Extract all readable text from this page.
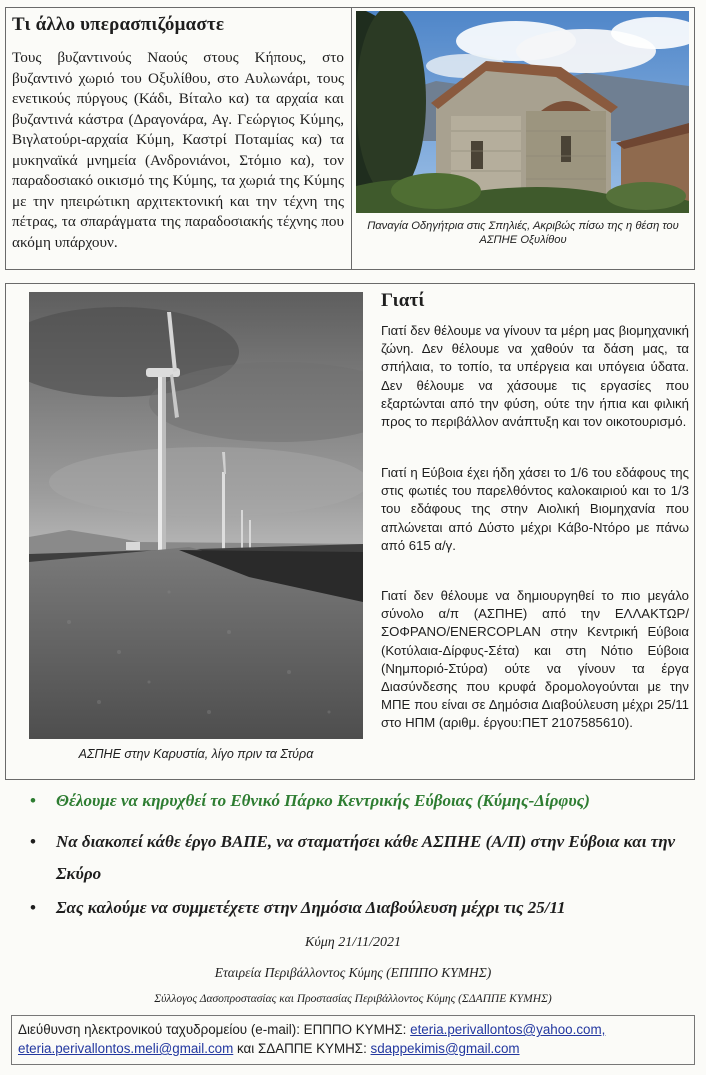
Τι άλλο υπερασπιζόμαστε
Τους βυζαντινούς Ναούς στους Κήπους, στο βυζαντινό χωριό του Οξυλίθου, στο Αυλωνάρι, τους ενετικούς πύργους (Κάδι, Βίταλο κα) τα αρχαία και βυζαντινά κάστρα (Δραγονάρα, Αγ. Γεώργιος Κύμης, Βιγλατούρι-αρχαία Κύμη, Καστρί Ποταμίας κα) τα μυκηναϊκά μνημεία (Ανδρονιάνοι, Στόμιο κα), τον παραδοσιακό οικισμό της Κύμης, τα χωριά της Κύμης με την ηπειρώτικη αρχιτεκτονική και την τέχνη της πέτρας, τα σπαράγματα της παραδοσιακής τέχνης που ακόμη υπάρχουν.
Παναγία Οδηγήτρια στις Σπηλιές, Ακριβώς πίσω της η θέση του ΑΣΠΗΕ Οξυλίθου
ΑΣΠΗΕ στην Καρυστία, λίγο πριν τα Στύρα
Γιατί
Γιατί δεν θέλουμε να γίνουν τα μέρη μας βιομηχανική ζώνη. Δεν θέλουμε να χαθούν τα δάση μας, τα σπήλαια, το τοπίο, τα υπέργεια και υπόγεια ύδατα. Δεν θέλουμε να χάσουμε τις εργασίες που εξαρτώνται από την φύση, ούτε την ήπια και φιλική προς το περιβάλλον ανάπτυξη και τον οικοτουρισμό.
Γιατί η Εύβοια έχει ήδη χάσει το 1/6 του εδάφους της στις φωτιές του παρελθόντος καλοκαιριού και το 1/3 του εδάφους της στην Αιολική Βιομηχανία που απλώνεται από Δύστο μέχρι Κάβο-Ντόρο με πάνω από 615 α/γ.
Γιατί δεν θέλουμε να δημιουργηθεί το πιο μεγάλο σύνολο α/π (ΑΣΠΗΕ) από την ΕΛΛΑΚΤΩΡ/ΣΟΦΡΑΝΟ/ENERCOPLAN στην Κεντρική Εύβοια (Κοτύλαια-Δίρφυς-Σέτα) και στη Νότιο Εύβοια (Νημποριό-Στύρα) ούτε να γίνουν τα έργα Διασύνδεσης που κρυφά δρομολογούνται με την ΜΠΕ που είναι σε Δημόσια Διαβούλευση μέχρι 25/11 στο ΗΠΜ (αριθμ. έργου:ΠΕΤ 2107585610).
• Θέλουμε να κηρυχθεί το Εθνικό Πάρκο Κεντρικής Εύβοιας (Κύμης-Δίρφυς)
• Να διακοπεί κάθε έργο ΒΑΠΕ, να σταματήσει κάθε ΑΣΠΗΕ (Α/Π) στην Εύβοια και την Σκύρο
• Σας καλούμε να συμμετέχετε στην Δημόσια Διαβούλευση μέχρι τις 25/11
Κύμη 21/11/2021
Εταιρεία Περιβάλλοντος Κύμης (ΕΠΠΠΟ ΚΥΜΗΣ)
Σύλλογος Δασοπροστασίας και Προστασίας Περιβάλλοντος Κύμης (ΣΔΑΠΠΕ ΚΥΜΗΣ)
Διεύθυνση ηλεκτρονικού ταχυδρομείου (e-mail): ΕΠΠΠΟ ΚΥΜΗΣ: eteria.perivallontos@yahoo.com,
eteria.perivallontos.meli@gmail.com και ΣΔΑΠΠΕ ΚΥΜΗΣ: sdappekimis@gmail.com
